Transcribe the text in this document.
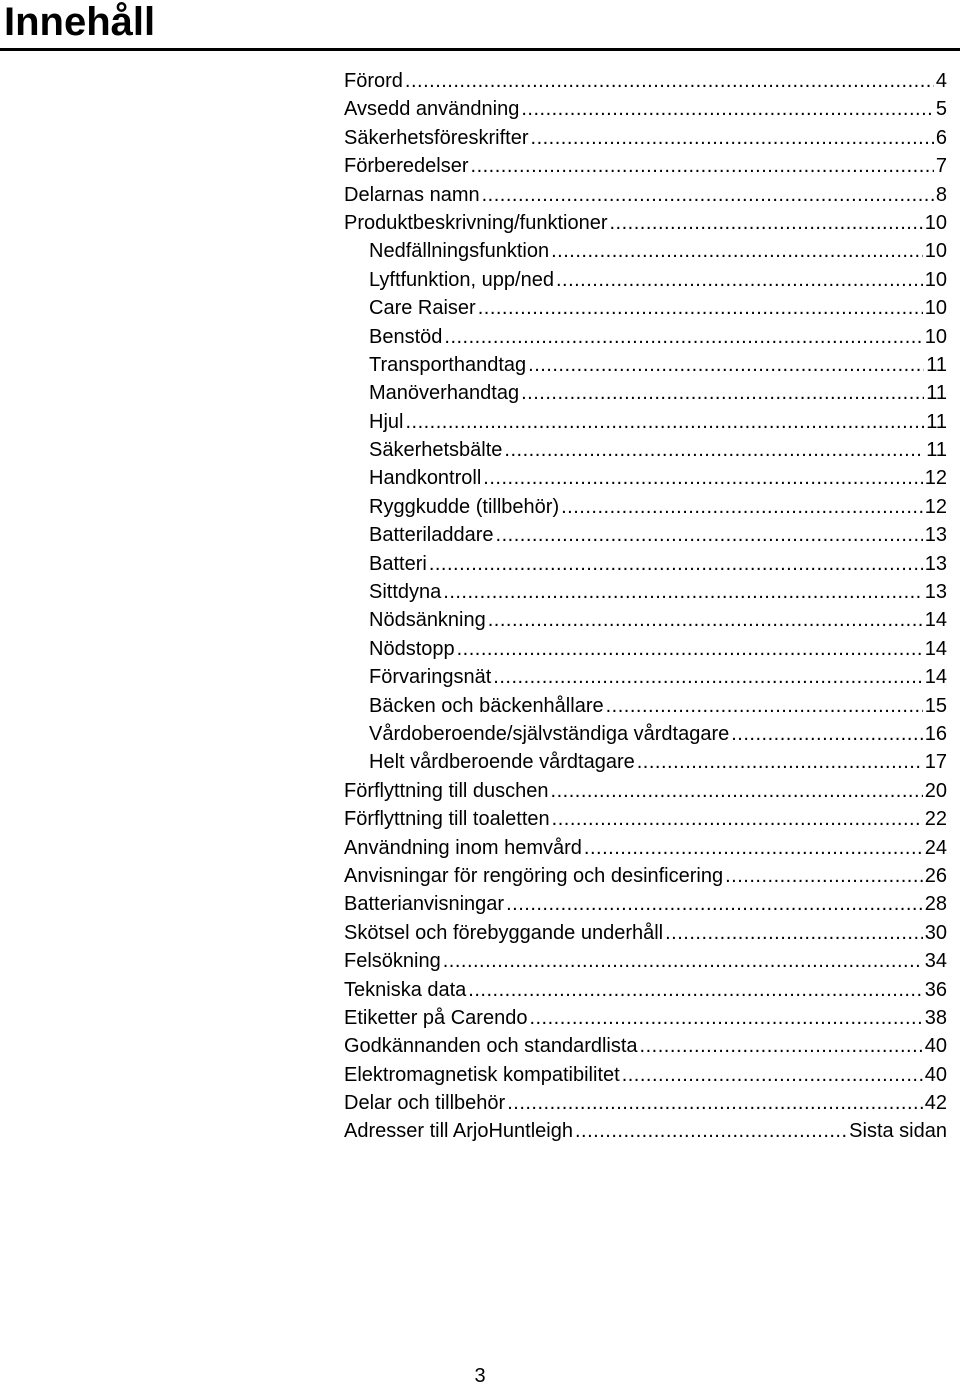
Innehåll
Förord .....	4
Avsedd användning .....	5
Säkerhetsföreskrifter .....	6
Förberedelser .....	7
Delarnas namn .....	8
Produktbeskrivning/funktioner .....	10
Nedfällningsfunktion .....	10
Lyftfunktion, upp/ned .....	10
Care Raiser .....	10
Benstöd .....	10
Transporthandtag .....	11
Manöverhandtag .....	11
Hjul .....	11
Säkerhetsbälte .....	11
Handkontroll .....	12
Ryggkudde (tillbehör) .....	12
Batteriladdare .....	13
Batteri .....	13
Sittdyna .....	13
Nödsänkning .....	14
Nödstopp .....	14
Förvaringsnät .....	14
Bäcken och bäckenhållare .....	15
Vårdoberoende/självständiga vårdtagare .....	16
Helt vårdberoende vårdtagare .....	17
Förflyttning till duschen .....	20
Förflyttning till toaletten .....	22
Användning inom hemvård .....	24
Anvisningar för rengöring och desinficering .....	26
Batterianvisningar .....	28
Skötsel och förebyggande underhåll .....	30
Felsökning .....	34
Tekniska data .....	36
Etiketter på Carendo .....	38
Godkännanden och standardlista .....	40
Elektromagnetisk kompatibilitet .....	40
Delar och tillbehör .....	42
Adresser till ArjoHuntleigh .....	Sista sidan
3
